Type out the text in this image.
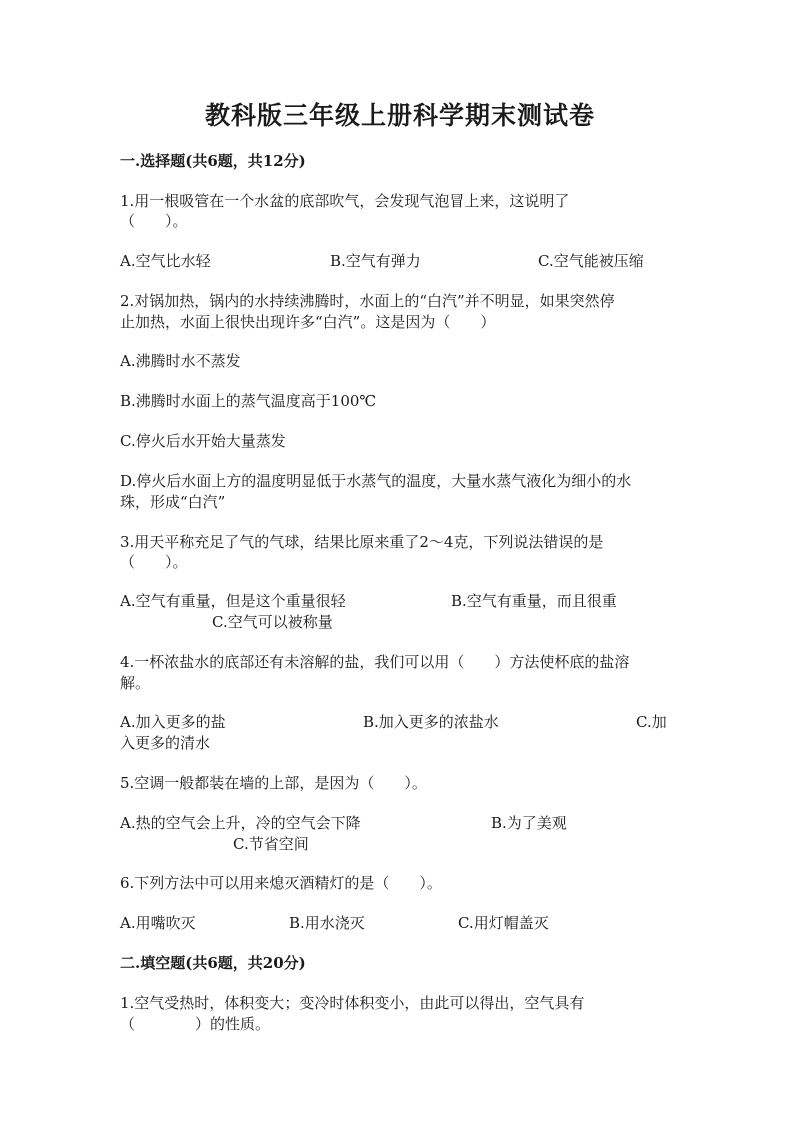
教科版三年级上册科学期末测试卷
一.选择题(共6题，共12分)
1.用一根吸管在一个水盆的底部吹气，会发现气泡冒上来，这说明了
（　　）。
A.空气比水轻	B.空气有弹力	C.空气能被压缩
2.对锅加热，锅内的水持续沸腾时，水面上的“白汽”并不明显，如果突然停
止加热，水面上很快出现许多“白汽”。这是因为（　　）
A.沸腾时水不蒸发
B.沸腾时水面上的蒸气温度高于100℃
C.停火后水开始大量蒸发
D.停火后水面上方的温度明显低于水蒸气的温度，大量水蒸气液化为细小的水
珠，形成“白汽”
3.用天平称充足了气的气球，结果比原来重了2～4克，下列说法错误的是
（　　）。
A.空气有重量，但是这个重量很轻	B.空气有重量，而且很重
C.空气可以被称量
4.一杯浓盐水的底部还有未溶解的盐，我们可以用（　　）方法使杯底的盐溶
解。
A.加入更多的盐	B.加入更多的浓盐水	C.加
入更多的清水
5.空调一般都装在墙的上部，是因为（　　）。
A.热的空气会上升，冷的空气会下降	B.为了美观
C.节省空间
6.下列方法中可以用来熄灭酒精灯的是（　　）。
A.用嘴吹灭	B.用水浇灭	C.用灯帽盖灭
二.填空题(共6题，共20分)
1.空气受热时，体积变大；变冷时体积变小，由此可以得出，空气具有
（　　　　）的性质。
